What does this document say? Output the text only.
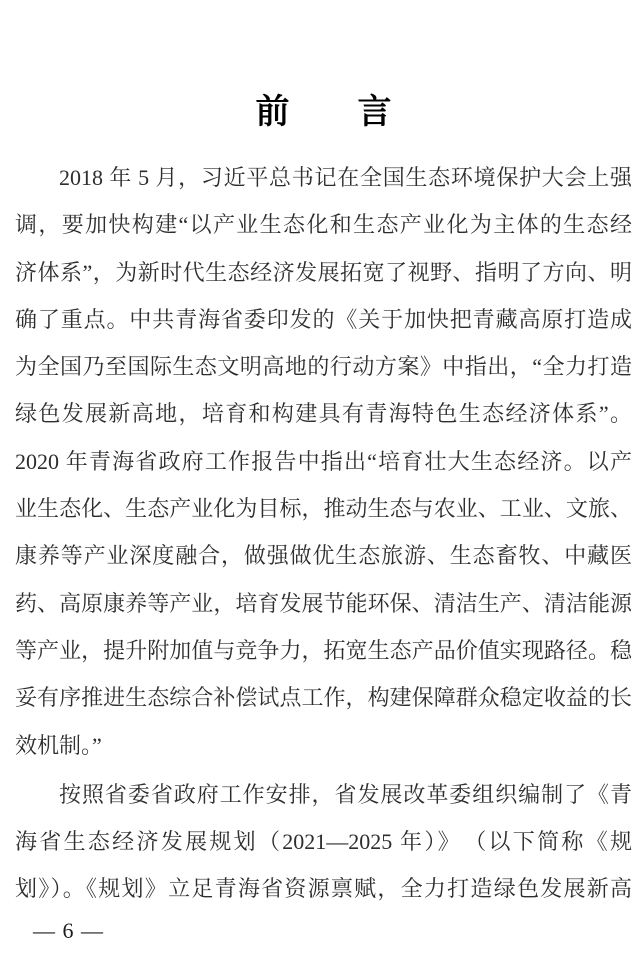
前　　言
2018 年 5 月，习近平总书记在全国生态环境保护大会上强
调，要加快构建“以产业生态化和生态产业化为主体的生态经
济体系”，为新时代生态经济发展拓宽了视野、指明了方向、明
确了重点。中共青海省委印发的《关于加快把青藏高原打造成
为全国乃至国际生态文明高地的行动方案》中指出，“全力打造
绿色发展新高地，培育和构建具有青海特色生态经济体系”。
2020 年青海省政府工作报告中指出“培育壮大生态经济。以产
业生态化、生态产业化为目标，推动生态与农业、工业、文旅、
康养等产业深度融合，做强做优生态旅游、生态畜牧、中藏医
药、高原康养等产业，培育发展节能环保、清洁生产、清洁能源
等产业，提升附加值与竞争力，拓宽生态产品价值实现路径。稳
妥有序推进生态综合补偿试点工作，构建保障群众稳定收益的长
效机制。”
按照省委省政府工作安排，省发展改革委组织编制了《青
海省生态经济发展规划（2021—2025 年）》　（以下简称《规
划》）。《规划》立足青海省资源禀赋，全力打造绿色发展新高
— 6 —
